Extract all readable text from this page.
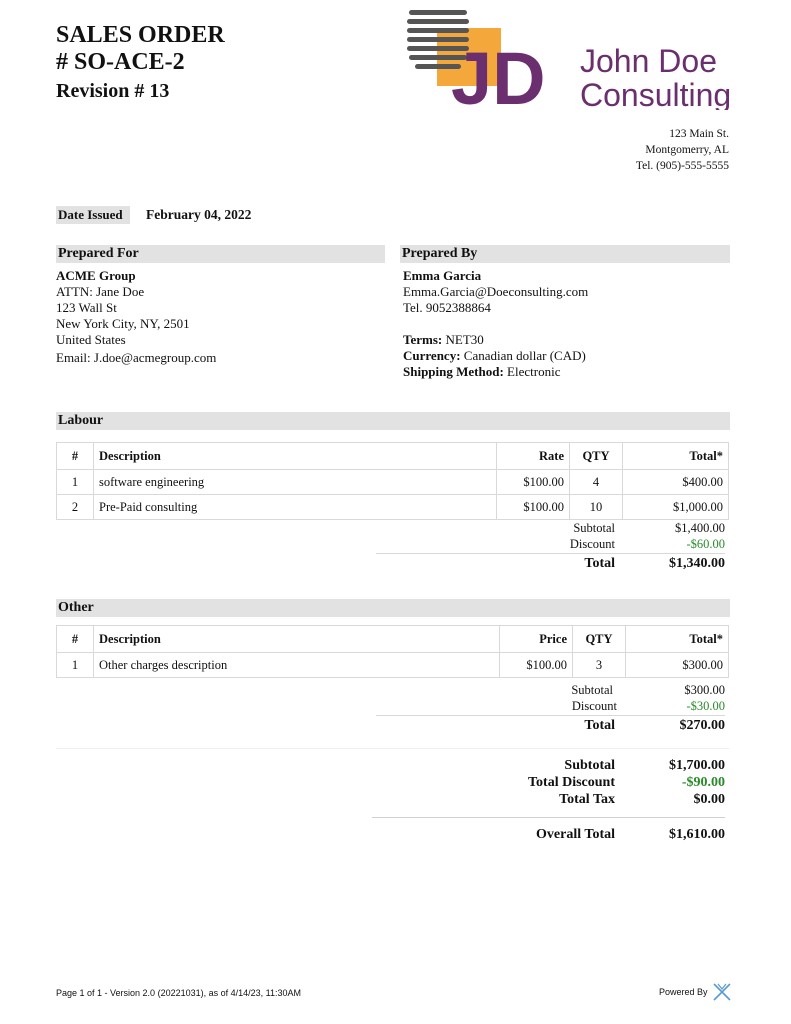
SALES ORDER
# SO-ACE-2
Revision # 13	JD John Doe
Consulting
123 Main St.
Montgomerry, AL
Tel. (905)-555-5555
Date Issued	February 04, 2022
Prepared For
ACME Group
ATTN: Jane Doe
123 Wall St
New York City, NY, 2501
United States
Email: J.doe@acmegroup.com
Prepared By
Emma Garcia
Emma.Garcia@Doeconsulting.com
Tel. 9052388864
Terms: NET30
Currency: Canadian dollar (CAD)
Shipping Method: Electronic
Labour
#	Description	Rate	QTY	Total*
1	software engineering	$100.00	4	$400.00
2	Pre-Paid consulting	$100.00	10	$1,000.00
Subtotal	$1,400.00
Discount	-$60.00
Total	$1,340.00
Other
#	Description	Price	QTY	Total*
1	Other charges description	$100.00	3	$300.00
Subtotal	$300.00
Discount	-$30.00
Total	$270.00
Subtotal	$1,700.00
Total Discount	-$90.00
Total Tax	$0.00
Overall Total	$1,610.00
Page 1 of 1 - Version 2.0 (20221031), as of 4/14/23, 11:30AM	Powered By
